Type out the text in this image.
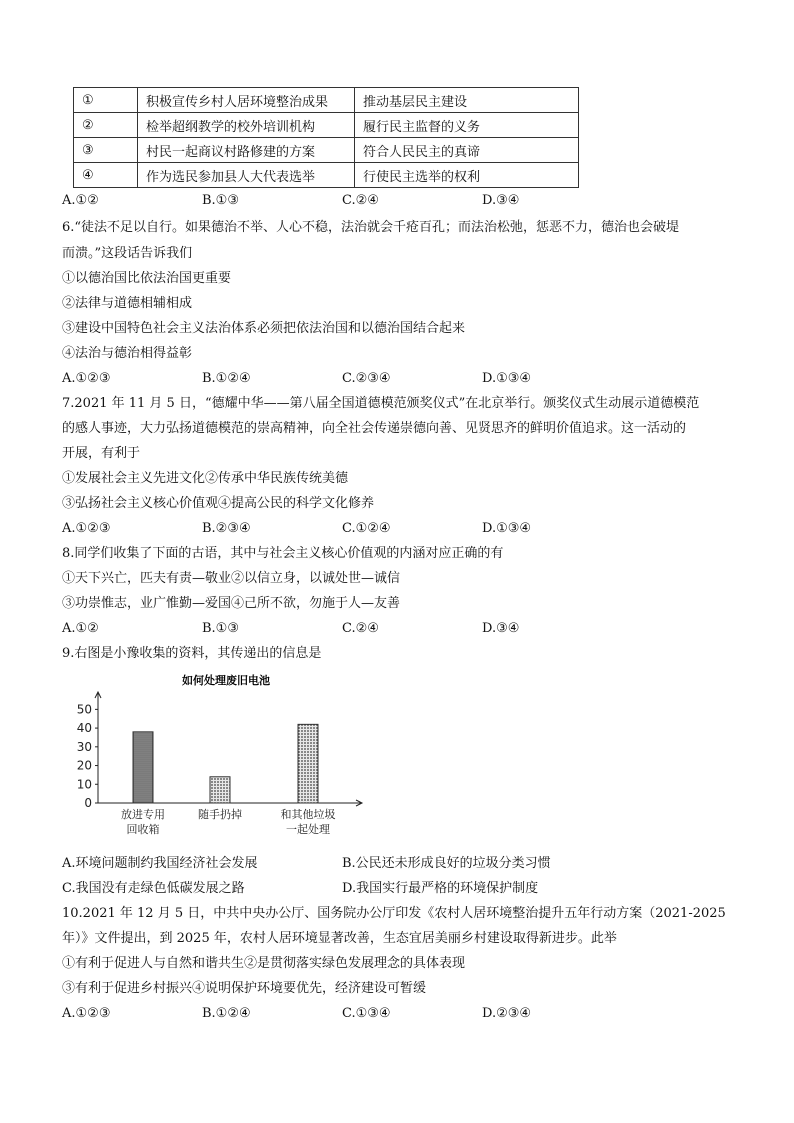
①	积极宣传乡村人居环境整治成果	推动基层民主建设
②	检举超纲教学的校外培训机构	履行民主监督的义务
③	村民一起商议村路修建的方案	符合人民民主的真谛
④	作为选民参加县人大代表选举	行使民主选举的权利
A.①②	B.①③	C.②④	D.③④
6.“徒法不足以自行。如果德治不举、人心不稳，法治就会千疮百孔；而法治松弛，惩恶不力，德治也会破堤
而溃。”这段话告诉我们
①以德治国比依法治国更重要
②法律与道德相辅相成
③建设中国特色社会主义法治体系必须把依法治国和以德治国结合起来
④法治与德治相得益彰
A.①②③	B.①②④	C.②③④	D.①③④
7.2021 年 11 月 5 日，“德耀中华——第八届全国道德模范颁奖仪式”在北京举行。颁奖仪式生动展示道德模范
的感人事迹，大力弘扬道德模范的崇高精神，向全社会传递崇德向善、见贤思齐的鲜明价值追求。这一活动的
开展，有利于
①发展社会主义先进文化②传承中华民族传统美德
③弘扬社会主义核心价值观④提高公民的科学文化修养
A.①②③	B.②③④	C.①②④	D.①③④
8.同学们收集了下面的古语，其中与社会主义核心价值观的内涵对应正确的有
①天下兴亡，匹夫有责—敬业②以信立身，以诚处世—诚信
③功崇惟志，业广惟勤—爱国④己所不欲，勿施于人—友善
A.①②	B.①③	C.②④	D.③④
9.右图是小豫收集的资料，其传递出的信息是
如何处理废旧电池
0
10
20
30
40
50
放进专用
回收箱
随手扔掉	和其他垃圾
一起处理
A.环境问题制约我国经济社会发展	B.公民还未形成良好的垃圾分类习惯
C.我国没有走绿色低碳发展之路	D.我国实行最严格的环境保护制度
10.2021 年 12 月 5 日，中共中央办公厅、国务院办公厅印发《农村人居环境整治提升五年行动方案（2021-2025
年）》文件提出，到 2025 年，农村人居环境显著改善，生态宜居美丽乡村建设取得新进步。此举
①有利于促进人与自然和谐共生②是贯彻落实绿色发展理念的具体表现
③有利于促进乡村振兴④说明保护环境要优先，经济建设可暂缓
A.①②③	B.①②④	C.①③④	D.②③④
